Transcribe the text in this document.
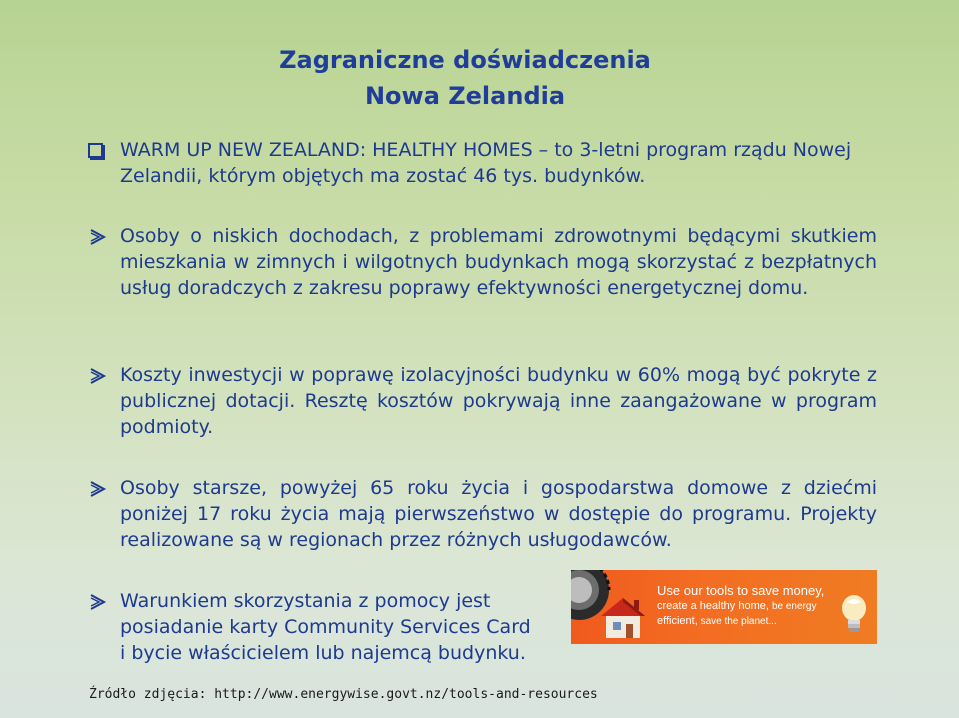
Zagraniczne doświadczenia
Nowa Zelandia
WARM UP NEW ZEALAND: HEALTHY HOMES – to 3-letni program rządu Nowej Zelandii, którym objętych ma zostać 46 tys. budynków.
Osoby o niskich dochodach, z problemami zdrowotnymi będącymi skutkiem mieszkania w zimnych i wilgotnych budynkach mogą skorzystać z bezpłatnych usług doradczych z zakresu poprawy efektywności energetycznej domu.
Koszty inwestycji w poprawę izolacyjności budynku w 60% mogą być pokryte z publicznej dotacji. Resztę kosztów pokrywają inne zaangażowane w program podmioty.
Osoby starsze, powyżej 65 roku życia i gospodarstwa domowe z dziećmi poniżej 17 roku życia mają pierwszeństwo w dostępie do programu. Projekty realizowane są w regionach przez różnych usługodawców.
Warunkiem skorzystania z pomocy jest
posiadanie karty Community Services Card
i bycie właścicielem lub najemcą budynku.
Use our tools to save money,
create a healthy home, be energy
efficient, save the planet...
Źródło zdjęcia: http://www.energywise.govt.nz/tools-and-resources
